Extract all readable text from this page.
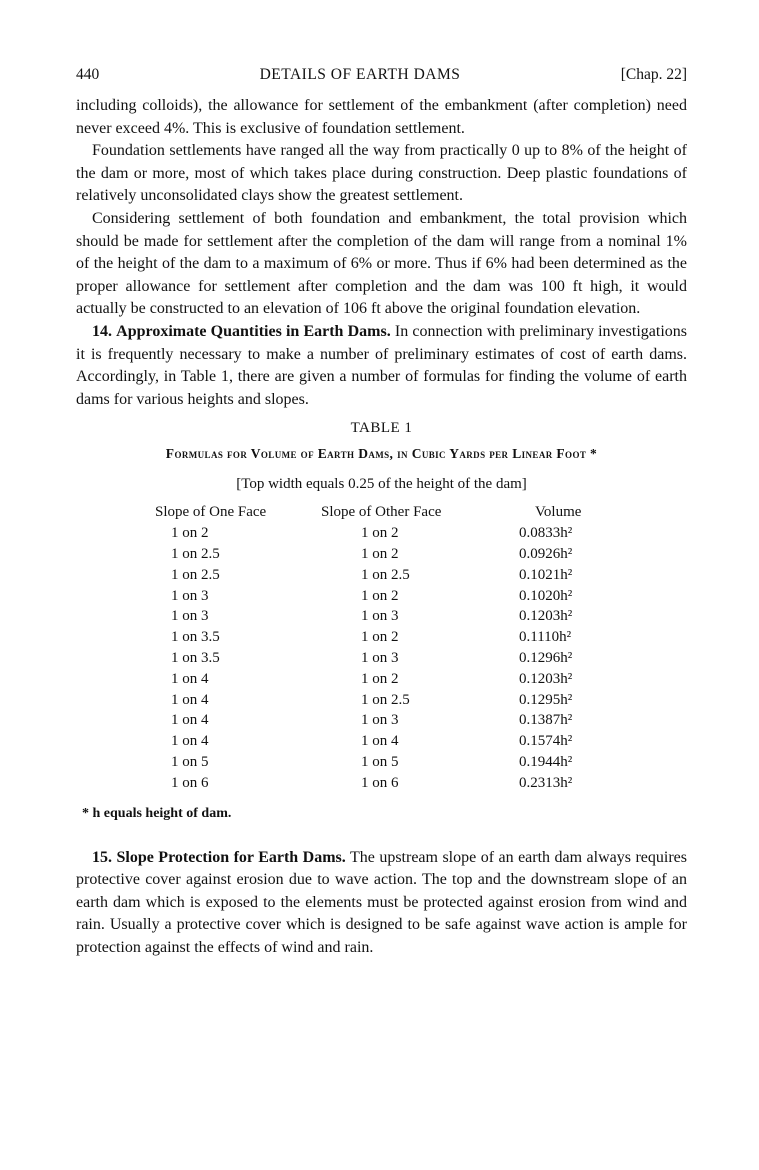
440	DETAILS OF EARTH DAMS	[Chap. 22]

including colloids), the allowance for settlement of the embankment (after completion) need never exceed 4%. This is exclusive of foundation settlement.

Foundation settlements have ranged all the way from practically 0 up to 8% of the height of the dam or more, most of which takes place during construction. Deep plastic foundations of relatively unconsolidated clays show the greatest settlement.

Considering settlement of both foundation and embankment, the total provision which should be made for settlement after the completion of the dam will range from a nominal 1% of the height of the dam to a maximum of 6% or more. Thus if 6% had been determined as the proper allowance for settlement after completion and the dam was 100 ft high, it would actually be constructed to an elevation of 106 ft above the original foundation elevation.

14. Approximate Quantities in Earth Dams. In connection with preliminary investigations it is frequently necessary to make a number of preliminary estimates of cost of earth dams. Accordingly, in Table 1, there are given a number of formulas for finding the volume of earth dams for various heights and slopes.

TABLE 1
Formulas for Volume of Earth Dams, in Cubic Yards per Linear Foot *
[Top width equals 0.25 of the height of the dam]
Slope of One Face	Slope of Other Face	Volume
1 on 2	1 on 2	0.0833h²
1 on 2.5	1 on 2	0.0926h²
1 on 2.5	1 on 2.5	0.1021h²
1 on 3	1 on 2	0.1020h²
1 on 3	1 on 3	0.1203h²
1 on 3.5	1 on 2	0.1110h²
1 on 3.5	1 on 3	0.1296h²
1 on 4	1 on 2	0.1203h²
1 on 4	1 on 2.5	0.1295h²
1 on 4	1 on 3	0.1387h²
1 on 4	1 on 4	0.1574h²
1 on 5	1 on 5	0.1944h²
1 on 6	1 on 6	0.2313h²
* h equals height of dam.

15. Slope Protection for Earth Dams. The upstream slope of an earth dam always requires protective cover against erosion due to wave action. The top and the downstream slope of an earth dam which is exposed to the elements must be protected against erosion from wind and rain. Usually a protective cover which is designed to be safe against wave action is ample for protection against the effects of wind and rain.
